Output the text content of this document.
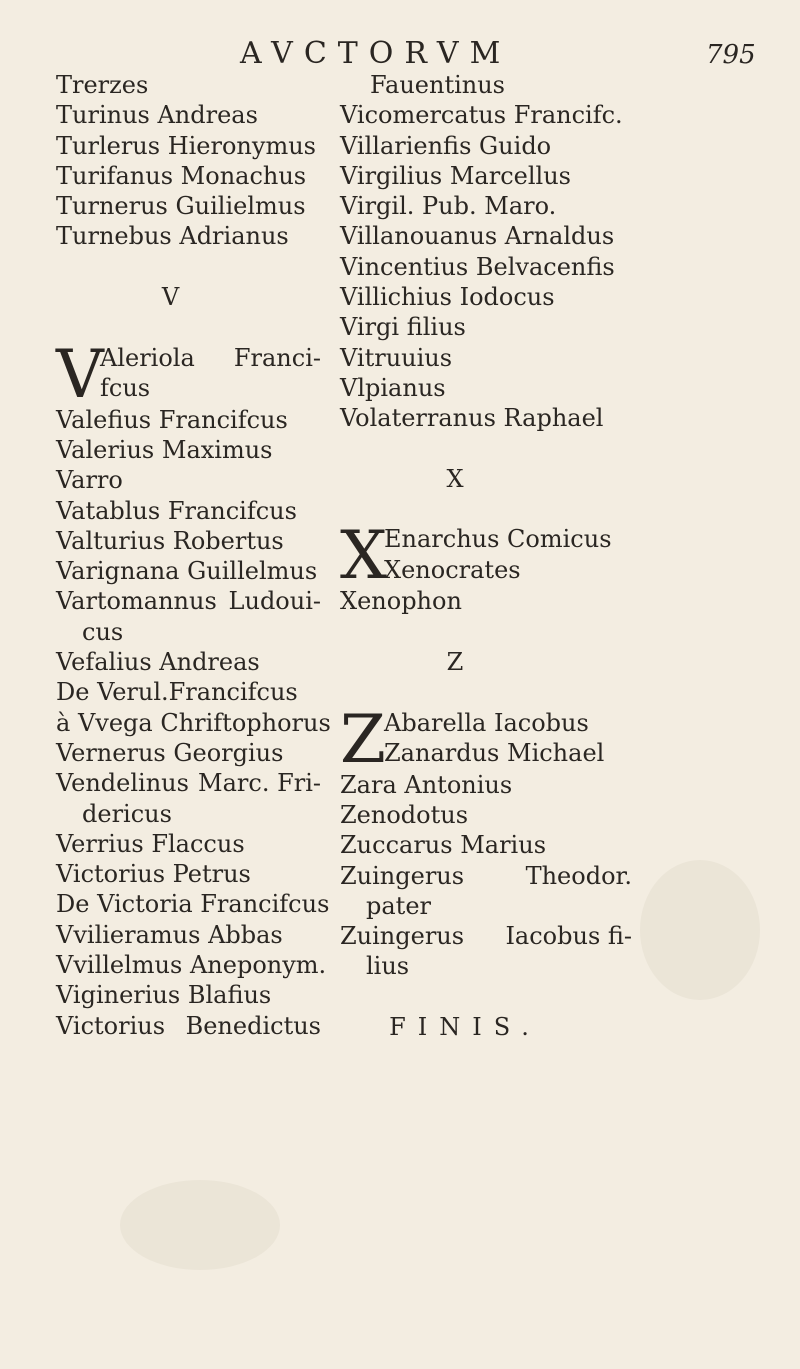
AVCTORVM	795
Trerzes
Turinus Andreas
Turlerus Hieronymus
Turifanus Monachus
Turnerus Guilielmus
Turnebus Adrianus
V
V
Aleriola Franci-
fcus
Valefius Francifcus
Valerius Maximus
Varro
Vatablus Francifcus
Valturius Robertus
Varignana Guillelmus
Vartomannus Ludoui-
cus
Vefalius Andreas
De Verul.Francifcus
à Vvega Chriftophorus
Vernerus Georgius
Vendelinus Marc. Fri-
dericus
Verrius Flaccus
Victorius Petrus
De Victoria Francifcus
Vvilieramus Abbas
Vvillelmus Aneponym.
Viginerius Blafius
Victorius Benedictus
Fauentinus
Vicomercatus Francifc.
Villarienfis Guido
Virgilius Marcellus
Virgil. Pub. Maro.
Villanouanus Arnaldus
Vincentius Belvacenfis
Villichius Iodocus
Virgi filius
Vitruuius
Vlpianus
Volaterranus Raphael
X
X
Enarchus Comicus
Xenocrates
Xenophon
Z
Z
Abarella Iacobus
Zanardus Michael
Zara Antonius
Zenodotus
Zuccarus Marius
Zuingerus	Theodor.
pater
Zuingerus Iacobus fi-
lius
FINIS.
